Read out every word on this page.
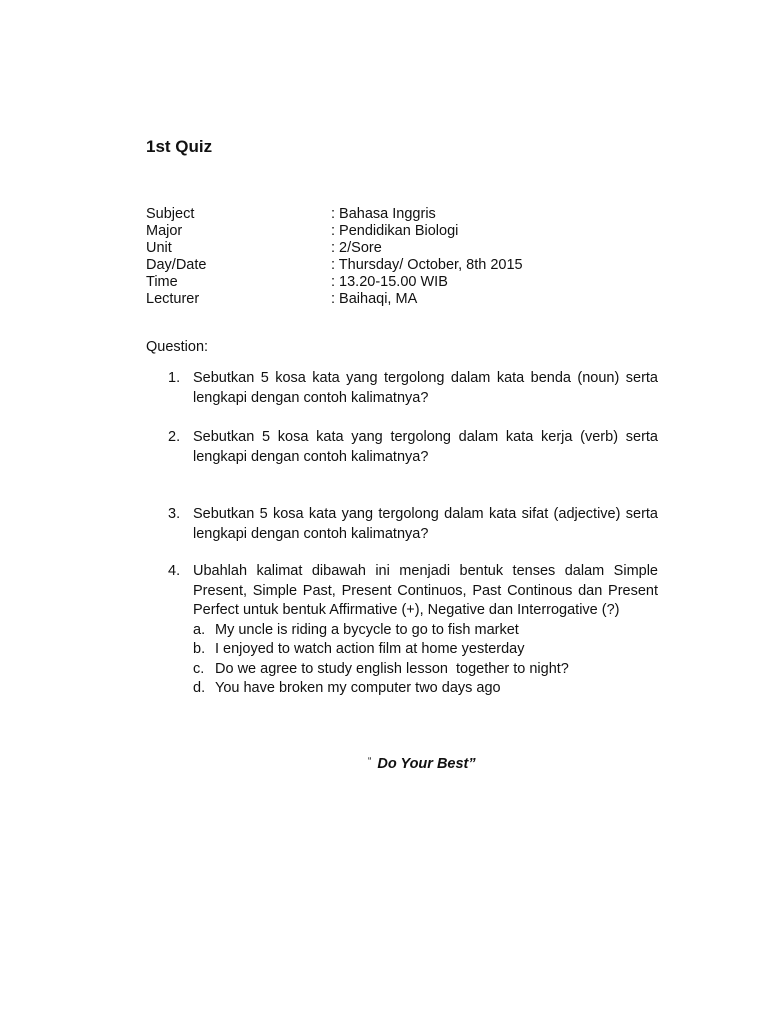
1st Quiz
Subject	: Bahasa Inggris
Major	: Pendidikan Biologi
Unit	: 2/Sore
Day/Date	: Thursday/ October, 8th 2015
Time	: 13.20-15.00 WIB
Lecturer	: Baihaqi, MA
Question:
1. Sebutkan 5 kosa kata yang tergolong dalam kata benda (noun) serta lengkapi dengan contoh kalimatnya?
2. Sebutkan 5 kosa kata yang tergolong dalam kata kerja (verb) serta lengkapi dengan contoh kalimatnya?
3. Sebutkan 5 kosa kata yang tergolong dalam kata sifat (adjective) serta lengkapi dengan contoh kalimatnya?
4. Ubahlah kalimat dibawah ini menjadi bentuk tenses dalam Simple Present, Simple Past, Present Continuos, Past Continous dan Present Perfect untuk bentuk Affirmative (+), Negative dan Interrogative (?)
a. My uncle is riding a bycycle to go to fish market
b. I enjoyed to watch action film at home yesterday
c. Do we agree to study english lesson  together to night?
d. You have broken my computer two days ago
“ Do Your Best”
